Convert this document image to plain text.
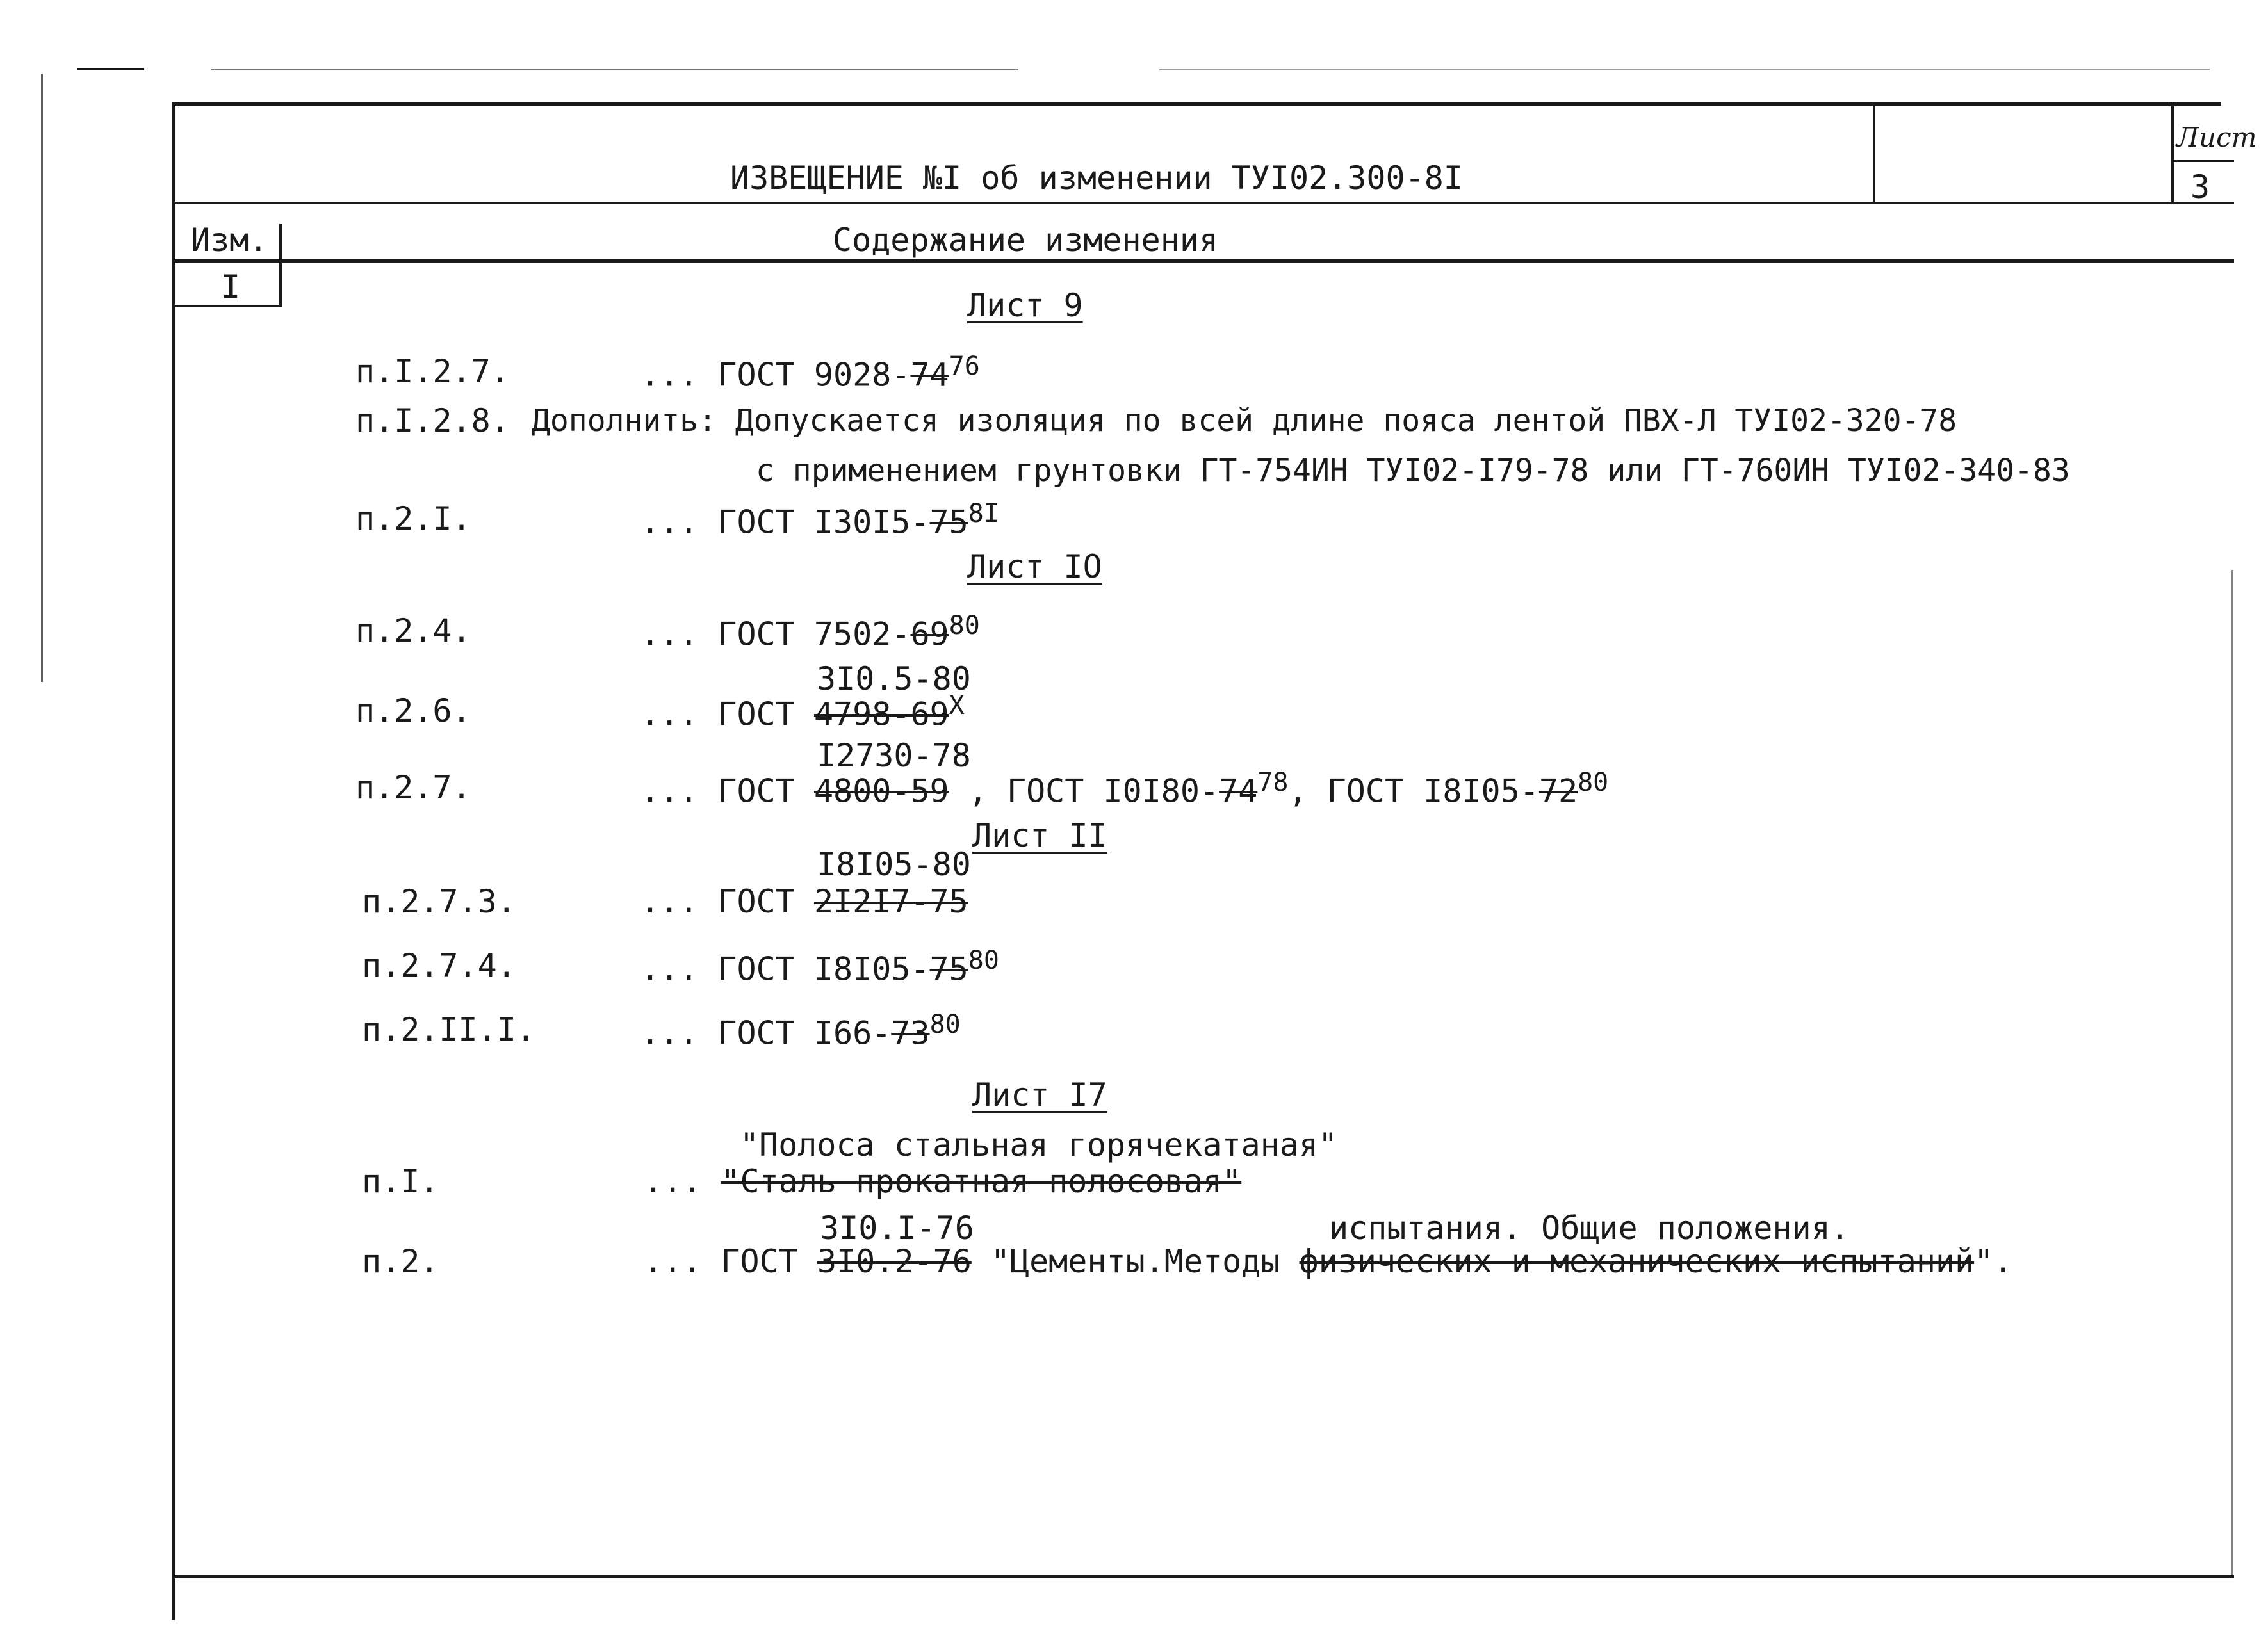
ИЗВЕЩЕНИЕ №I об изменении ТУI02.300-8I
Лист
3
Изм.	Содержание изменения
I	Лист 9
п.I.2.7.	... ГОСТ $9028-74^{76}$
п.I.2.8. Дополнить: Допускается изоляция по всей длине пояса лентой ПВХ-Л ТУI02-320-78
с применением грунтовки ГТ-754ИН ТУI02-I79-78 или ГТ-760ИН ТУI02-340-83
п.2.I.	... ГОСТ $I30I5-75^{8I}$
Лист IO
п.2.4.	... ГОСТ $7502-69^{80}$
3I0.5-80
п.2.6.	... ГОСТ $4798-69^X$
I2730-78
п.2.7.	... ГОСТ 4800-59 , ГОСТ $I0I80-74^{78}$, ГОСТ $I8I05-72^{80}$
Лист II
I8I05-80
п.2.7.3.	... ГОСТ 2I2I7-75
п.2.7.4.	... ГОСТ $I8I05-75^{80}$
п.2.II.I.	... ГОСТ $I66-73^{80}$
Лист I7
"Полоса стальная горячекатаная"
п.I.	... "Сталь прокатная полосовая"
3I0.I-76	испытания. Общие положения.
п.2.	... ГОСТ 3I0.2-76 "Цементы.Методы физических и механических испытаний".
